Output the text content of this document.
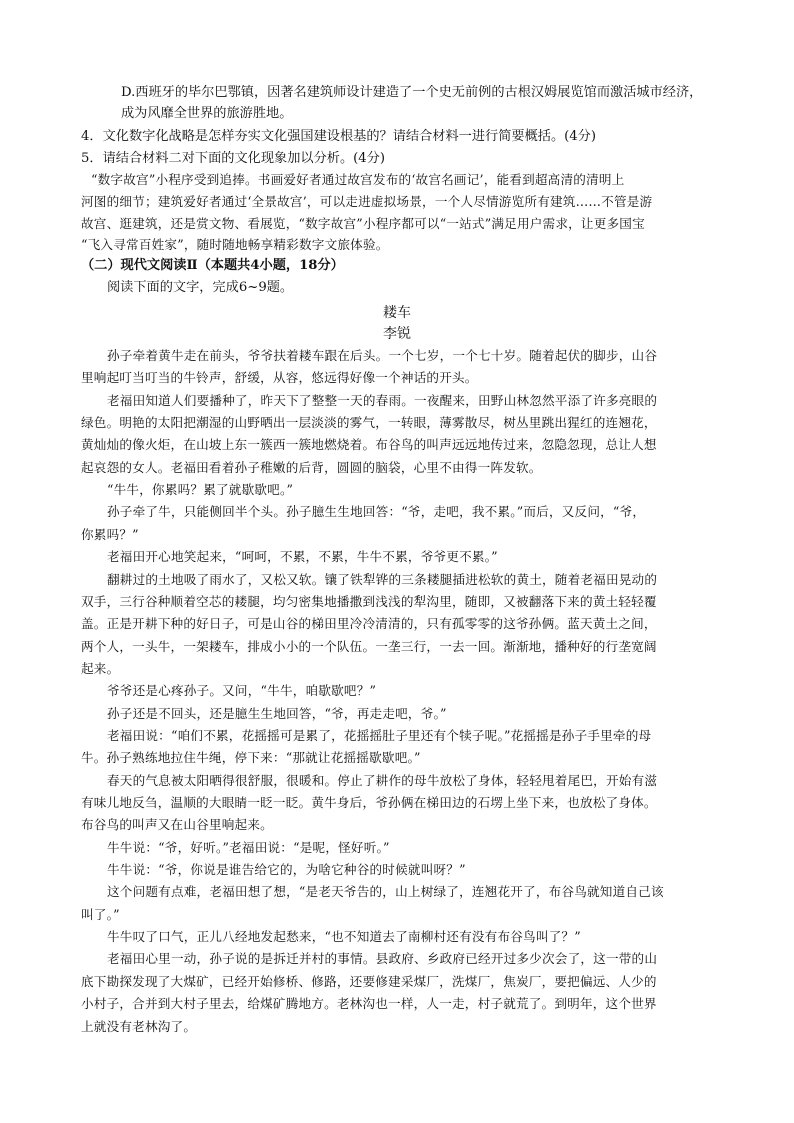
D.西班牙的毕尔巴鄂镇，因著名建筑师设计建造了一个史无前例的古根汉姆展览馆而激活城市经济，
成为风靡全世界的旅游胜地。
4．文化数字化战略是怎样夯实文化强国建设根基的？请结合材料一进行简要概括。(4分)
5．请结合材料二对下面的文化现象加以分析。(4分)
“数字故宫”小程序受到追捧。书画爱好者通过故宫发布的‘故宫名画记’，能看到超高清的清明上
河图的细节；建筑爱好者通过‘全景故宫’，可以走进虚拟场景，一个人尽情游览所有建筑……不管是游
故宫、逛建筑，还是赏文物、看展览，“数字故宫”小程序都可以“一站式”满足用户需求，让更多国宝
“飞入寻常百姓家”，随时随地畅享精彩数字文旅体验。
（二）现代文阅读Ⅱ（本题共4小题，18分）
阅读下面的文字，完成6~9题。
耧车
李锐
孙子牵着黄牛走在前头，爷爷扶着耧车跟在后头。一个七岁，一个七十岁。随着起伏的脚步，山谷
里响起叮当叮当的牛铃声，舒缓，从容，悠远得好像一个神话的开头。
老福田知道人们要播种了，昨天下了整整一天的春雨。一夜醒来，田野山林忽然平添了许多亮眼的
绿色。明艳的太阳把潮湿的山野晒出一层淡淡的雾气，一转眼，薄雾散尽，树丛里跳出猩红的连翘花，
黄灿灿的像火炬，在山坡上东一簇西一簇地燃烧着。布谷鸟的叫声远远地传过来，忽隐忽现，总让人想
起哀怨的女人。老福田看着孙子稚嫩的后背，圆圆的脑袋，心里不由得一阵发软。
“牛牛，你累吗？累了就歇歇吧。”
孙子牵了牛，只能侧回半个头。孙子臆生生地回答：“爷，走吧，我不累。”而后，又反问，“爷，
你累吗？”
老福田开心地笑起来，“呵呵，不累，不累，牛牛不累，爷爷更不累。”
翻耕过的土地吸了雨水了，又松又软。镶了铁犁铧的三条耧腿插进松软的黄土，随着老福田晃动的
双手，三行谷种顺着空芯的耧腿，均匀密集地播撒到浅浅的犁沟里，随即，又被翻落下来的黄土轻轻覆
盖。正是开耕下种的好日子，可是山谷的梯田里冷冷清清的，只有孤零零的这爷孙俩。蓝天黄土之间，
两个人，一头牛，一架耧车，排成小小的一个队伍。一垄三行，一去一回。渐渐地，播种好的行垄宽阔
起来。
爷爷还是心疼孙子。又问，“牛牛，咱歇歇吧？”
孙子还是不回头，还是臆生生地回答，“爷，再走走吧，爷。”
老福田说：“咱们不累，花摇摇可是累了，花摇摇肚子里还有个犊子呢。”花摇摇是孙子手里牵的母
牛。孙子熟练地拉住牛绳，停下来：“那就让花摇摇歇歇吧。”
春天的气息被太阳晒得很舒服，很暖和。停止了耕作的母牛放松了身体，轻轻甩着尾巴，开始有滋
有味儿地反刍，温顺的大眼睛一眨一眨。黄牛身后，爷孙俩在梯田边的石塄上坐下来，也放松了身体。
布谷鸟的叫声又在山谷里响起来。
牛牛说：“爷，好听。”老福田说：“是呢，怪好听。”
牛牛说：“爷，你说是谁告给它的，为啥它种谷的时候就叫呀？”
这个问题有点难，老福田想了想，“是老天爷告的，山上树绿了，连翘花开了，布谷鸟就知道自己该
叫了。”
牛牛叹了口气，正儿八经地发起愁来，“也不知道去了南柳村还有没有布谷鸟叫了？”
老福田心里一动，孙子说的是拆迁并村的事情。县政府、乡政府已经开过多少次会了，这一带的山
底下勘探发现了大煤矿，已经开始修桥、修路，还要修建采煤厂，洗煤厂，焦炭厂，要把偏远、人少的
小村子，合并到大村子里去，给煤矿腾地方。老林沟也一样，人一走，村子就荒了。到明年，这个世界
上就没有老林沟了。
